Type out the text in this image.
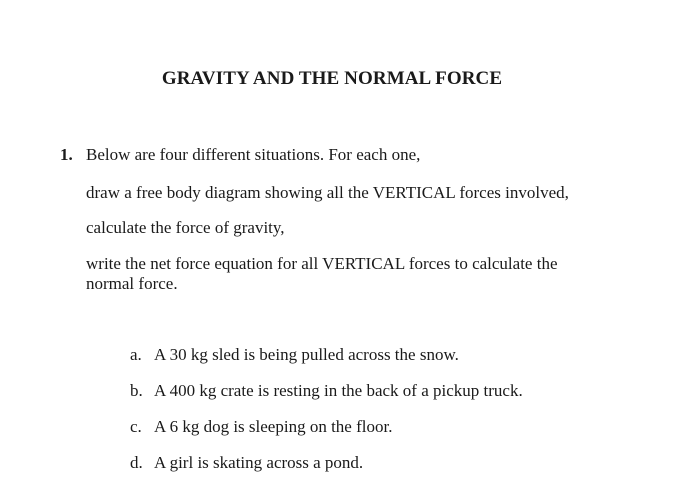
GRAVITY AND THE NORMAL FORCE
1. Below are four different situations. For each one,
draw a free body diagram showing all the VERTICAL forces involved,
calculate the force of gravity,
write the net force equation for all VERTICAL forces to calculate the
normal force.
a. A 30 kg sled is being pulled across the snow.
b. A 400 kg crate is resting in the back of a pickup truck.
c. A 6 kg dog is sleeping on the floor.
d. A girl is skating across a pond.
